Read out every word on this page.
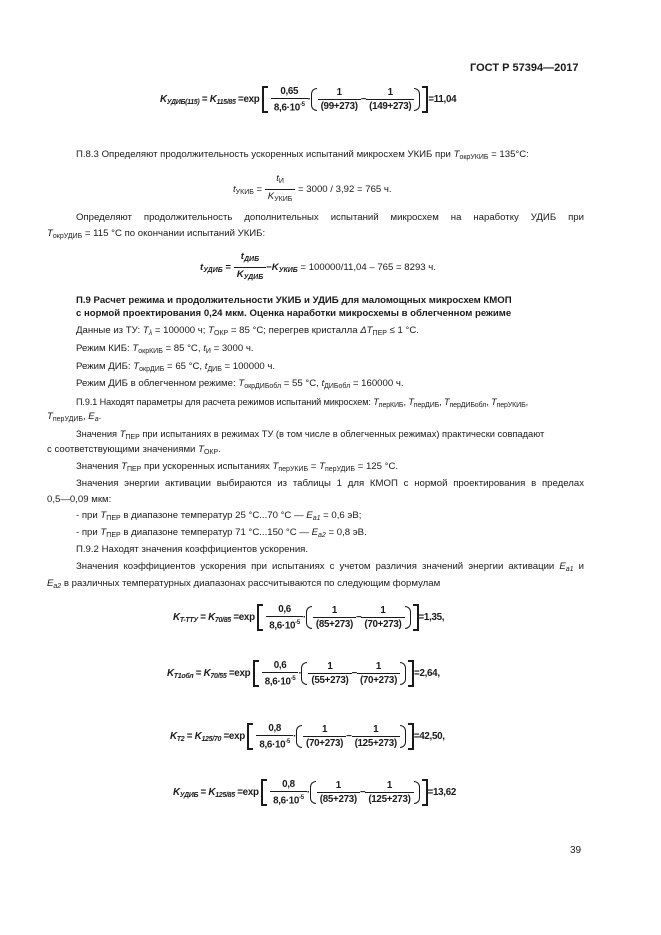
ГОСТ Р 57394—2017
$K_{УДИБ(115)} = K_{115/85} =\exp \frac{0,65}{8,6\cdot 10^{-5}} \cdot \frac{1}{(99+273)} - \frac{1}{(149+273)} =11,04$
П.8.3 Определяют продолжительность ускоренных испытаний микросхем УКИБ при $T_{окрУКИБ} = 135^\circ C$:
$t_{УКИБ}$ =
$t_И$
$K_{УКИБ}$
= 3000 / 3,92 = 765 ч.
Определяют продолжительность дополнительных испытаний микросхем на наработку УДИБ при
$T_{окрУДИБ} = 115$ °С по окончании испытаний УКИБ:
$t_{УДИБ}$ =
$t_{ДИБ}$
$K_{УДИБ}$
$-K_{УКИБ} = 100000/11,04 - 765 = 8293$ ч.
П.9 Расчет режима и продолжительности УКИБ и УДИБ для маломощных микросхем КМОП
с нормой проектирования 0,24 мкм. Оценка наработки микросхемы в облегченном режиме
Данные из ТУ: $T_\lambda = 100000$ ч; $T_{ОКР} = 85$ °С; перегрев кристалла $\Delta T_{ПЕР} \le 1$ °С.
Режим КИБ: $T_{окрКИБ} = 85$ °С, $t_И = 3000$ ч.
Режим ДИБ: $T_{окрДИБ} = 65$ °С, $t_{ДИБ} = 100000$ ч.
Режим ДИБ в облегченном режиме: $T_{окрДИБобл} = 55$ °С, $t_{ДИБобл} = 160000$ ч.
П.9.1 Находят параметры для расчета режимов испытаний микросхем: $T_{перКИБ}$, $T_{перДИБ}$, $T_{перДИБобл}$, $T_{перУКИБ}$,
$T_{перУДИБ}$, $E_a$.
Значения $T_{ПЕР}$ при испытаниях в режимах ТУ (в том числе в облегченных режимах) практически совпадают
с соответствующими значениями $T_{ОКР}$.
Значения $T_{ПЕР}$ при ускоренных испытаниях $T_{перУКИБ} = T_{перУДИБ} = 125$ °С.
Значения энергии активации выбираются из таблицы 1 для КМОП с нормой проектирования в пределах
0,5—0,09 мкм:
- при $T_{ПЕР}$ в диапазоне температур 25 °С...70 °С — $E_{a1} = 0,6$ эВ;
- при $T_{ПЕР}$ в диапазоне температур 71 °С...150 °С — $E_{a2} = 0,8$ эВ.
П.9.2 Находят значения коэффициентов ускорения.
Значения коэффициентов ускорения при испытаниях с учетом различия значений энергии активации $E_{a1}$ и
$E_{a2}$ в различных температурных диапазонах рассчитываются по следующим формулам
$K_{T-TTУ} = K_{70/85} =\exp \frac{0,6}{8,6\cdot 10^{-5}} \cdot \frac{1}{(85+273)} - \frac{1}{(70+273)} =1,35$,
$K_{T1обл} = K_{70/55} =\exp \frac{0,6}{8,6\cdot 10^{-5}} \cdot \frac{1}{(55+273)} - \frac{1}{(70+273)} =2,64$,
$K_{T2} = K_{125/70} =\exp \frac{0,8}{8,6\cdot 10^{-5}} \cdot \frac{1}{(70+273)} - \frac{1}{(125+273)} =42,50$,
$K_{УДИБ} = K_{125/85} =\exp \frac{0,8}{8,6\cdot 10^{-5}} \cdot \frac{1}{(85+273)} - \frac{1}{(125+273)} =13,62$
39
